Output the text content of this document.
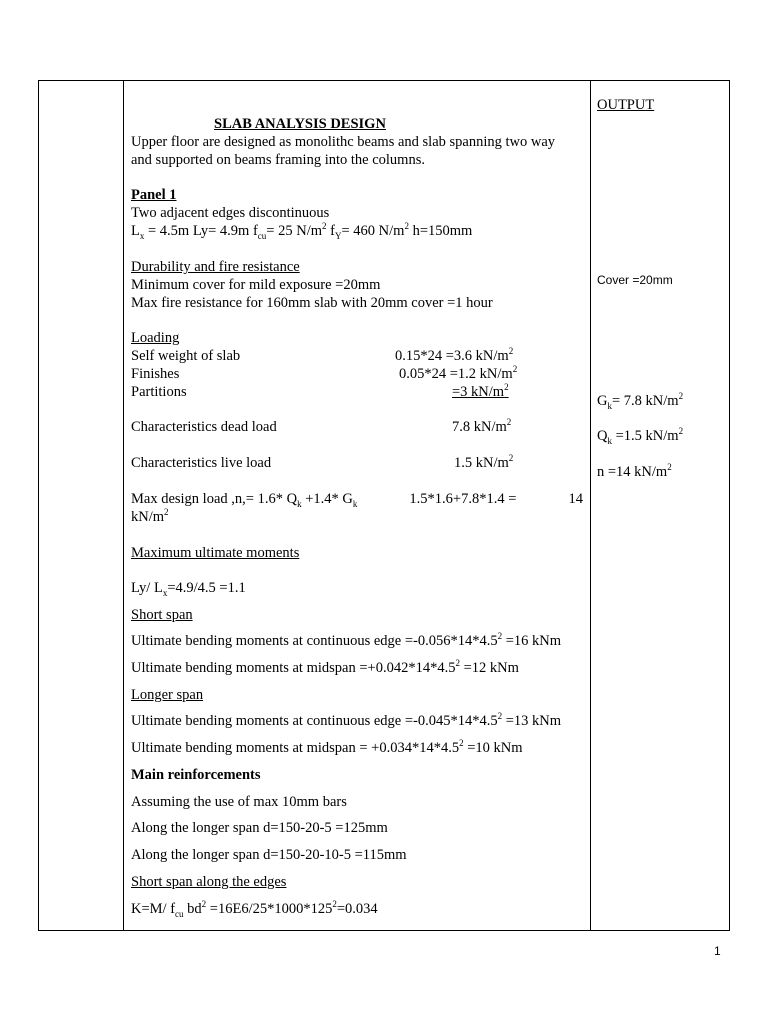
OUTPUT
Cover =20mm
$G_k= 7.8$ $kN/m^2$
$Q_k =1.5$ $kN/m^2$
n =14 $kN/m^2$
SLAB ANALYSIS DESIGN
Upper floor are designed as monolithc beams and slab spanning two way
and supported on beams framing into the columns.
Panel 1
Two adjacent edges discontinuous
$L_x = 4.5m$ Ly= 4.9m $f_{cu}= 25$ $N/m^2$ $f_Y= 460$ $N/m^2$ h=150mm
Durability and fire resistance
Minimum cover for mild exposure =20mm
Max fire resistance for 160mm slab with 20mm cover =1 hour
Loading
Self weight of slab	0.15*24 =3.6 $kN/m^2$
Finishes	0.05*24 =1.2 $kN/m^2$
Partitions	=3 $kN/m^2$
Characteristics dead load	7.8 $kN/m^2$
Characteristics live load	1.5 $kN/m^2$
Max design load ,n,= 1.6* $Q_k +1.4*$ $G_k$	1.5*1.6+7.8*1.4 =	14
$kN/m^2$
Maximum ultimate moments
Ly/ $L_x=4.9/4.5 =1.1$
Short span
Ultimate bending moments at continuous edge $=-0.056*14*4.5^2 =16$ kNm
Ultimate bending moments at midspan $=+0.042*14*4.5^2 =12$ kNm
Longer span
Ultimate bending moments at continuous edge $=-0.045*14*4.5^2 =13$ kNm
Ultimate bending moments at midspan = $+0.034*14*4.5^2 =10$ kNm
Main reinforcements
Assuming the use of max 10mm bars
Along the longer span d=150-20-5 =125mm
Along the longer span d=150-20-10-5 =115mm
Short span along the edges
K=M/ $f_{cu}$ $bd^2 =16E6/25*1000*125^2=0.034$
1
